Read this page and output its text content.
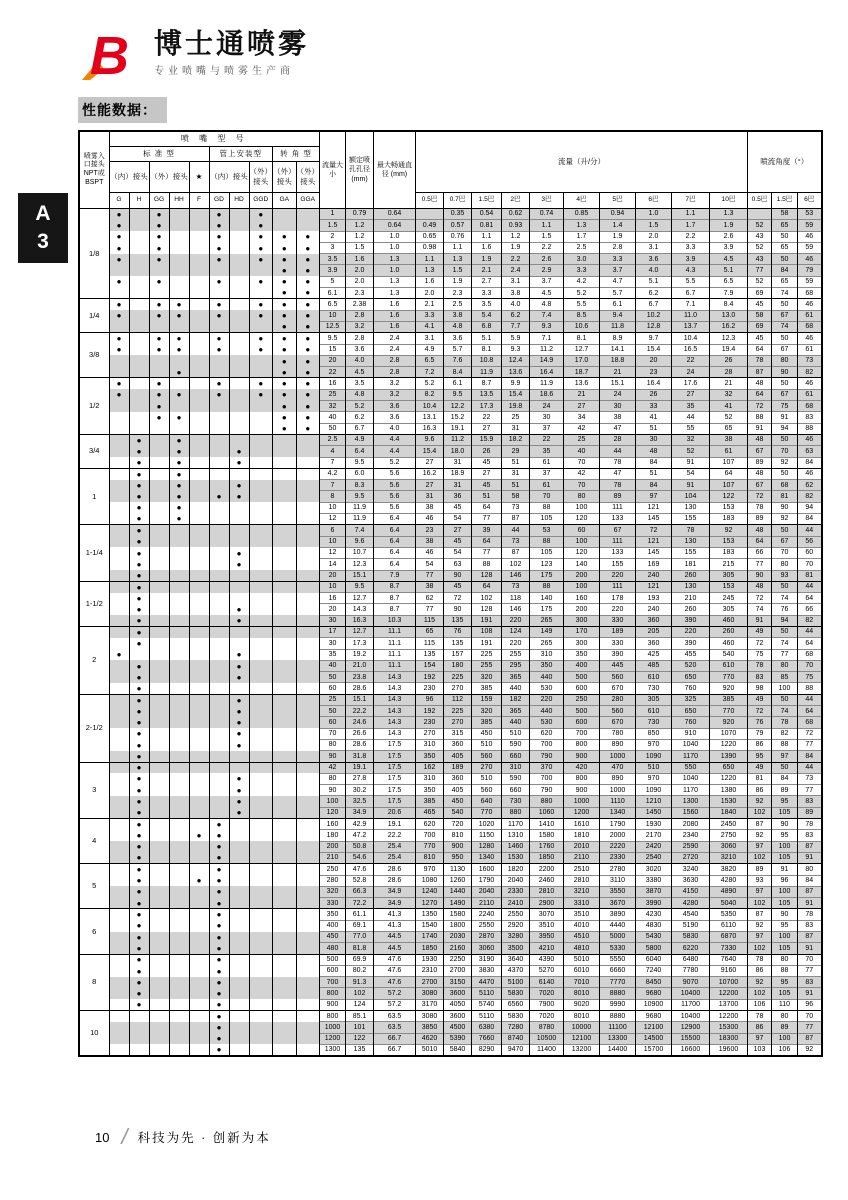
B 博士通喷雾
专业喷嘴与喷雾生产商
性能数据：
A
3
喷雾入口接头NPT或BSPT	喷 嘴 型 号										流量大小	额定喷孔孔径 (mm)	最大畅通直径 (mm)	流量（升/分）										喷流角度（°）		
	标 准 型					管上安装型			转 角 型																	
	（内）接头		（外）接头		★	（内）接头		（外）接头	（外）接头	（外）接头																
	G	H	GG	HH	F	GD	HD	GGD	GA	GGA				0.5巴	0.7巴	1.5巴	2巴	3巴	4巴	5巴	6巴	7巴	10巴	0.5巴	1.5巴	6巴
1/8	●		●			●		●			1	0.79	0.64		0.35	0.54	0.62	0.74	0.85	0.94	1.0	1.1	1.3		58	53
	●		●			●		●			1.5	1.2	0.64	0.49	0.57	0.81	0.93	1.1	1.3	1.4	1.5	1.7	1.9	52	65	59
	●		●			●		●	●	●	2	1.2	1.0	0.65	0.76	1.1	1.2	1.5	1.7	1.9	2.0	2.2	2.6	43	50	46
	●		●			●		●	●	●	3	1.5	1.0	0.98	1.1	1.6	1.9	2.2	2.5	2.8	3.1	3.3	3.9	52	65	59
	●		●			●		●	●	●	3.5	1.6	1.3	1.1	1.3	1.9	2.2	2.6	3.0	3.3	3.6	3.9	4.5	43	50	46
									●	●	3.9	2.0	1.0	1.3	1.5	2.1	2.4	2.9	3.3	3.7	4.0	4.3	5.1	77	84	79
	●		●			●		●	●	●	5	2.0	1.3	1.6	1.9	2.7	3.1	3.7	4.2	4.7	5.1	5.5	6.5	52	65	59
									●	●	6.1	2.3	1.3	2.0	2.3	3.3	3.8	4.5	5.2	5.7	6.2	6.7	7.9	69	74	68
1/4	●		●	●		●		●	●	●	6.5	2.38	1.6	2.1	2.5	3.5	4.0	4.8	5.5	6.1	6.7	7.1	8.4	45	50	46
	●		●	●		●		●	●	●	10	2.8	1.6	3.3	3.8	5.4	6.2	7.4	8.5	9.4	10.2	11.0	13.0	58	67	61
									●	●	12.5	3.2	1.6	4.1	4.8	6.8	7.7	9.3	10.6	11.8	12.8	13.7	16.2	69	74	68
3/8	●		●	●		●		●	●	●	9.5	2.8	2.4	3.1	3.6	5.1	5.9	7.1	8.1	8.9	9.7	10.4	12.3	45	50	46
	●		●	●		●		●	●	●	15	3.6	2.4	4.9	5.7	8.1	9.3	11.2	12.7	14.1	15.4	16.5	19.4	64	67	61
									●	●	20	4.0	2.8	6.5	7.6	10.8	12.4	14.9	17.0	18.8	20	22	26	78	80	73
				●					●	●	22	4.5	2.8	7.2	8.4	11.9	13.6	16.4	18.7	21	23	24	28	87	90	82
1/2	●		●			●		●	●	●	16	3.5	3.2	5.2	6.1	8.7	9.9	11.9	13.6	15.1	16.4	17.6	21	48	50	46
	●		●	●		●		●	●	●	25	4.8	3.2	8.2	9.5	13.5	15.4	18.6	21	24	26	27	32	64	67	61
			●						●	●	32	5.2	3.6	10.4	12.2	17.3	19.8	24	27	30	33	35	41	72	75	68
			●	●					●	●	40	6.2	3.6	13.1	15.2	22	25	30	34	38	41	44	52	88	91	83
									●	●	50	6.7	4.0	16.3	19.1	27	31	37	42	47	51	55	65	91	94	88
3/4		●		●							2.5	4.9	4.4	9.6	11.2	15.9	18.2	22	25	28	30	32	38	48	50	46
		●		●			●				4	6.4	4.4	15.4	18.0	26	29	35	40	44	48	52	61	67	70	63
		●		●			●				7	9.5	5.2	27	31	45	51	61	70	78	84	91	107	89	92	84
1		●		●							4.2	6.0	5.6	16.2	18.9	27	31	37	42	47	51	54	64	48	50	46
		●		●			●				7	8.3	5.6	27	31	45	51	61	70	78	84	91	107	67	68	62
		●		●		●	●				8	9.5	5.6	31	36	51	58	70	80	89	97	104	122	72	81	82
		●		●							10	11.9	5.6	38	45	64	73	88	100	111	121	130	153	78	90	94
		●		●							12	11.9	6.4	46	54	77	87	105	120	133	145	155	183	89	92	84
1-1/4		●									6	7.4	6.4	23	27	39	44	53	60	67	72	78	92	48	50	44
		●									10	9.6	6.4	38	45	64	73	88	100	111	121	130	153	64	67	56
		●					●				12	10.7	6.4	46	54	77	87	105	120	133	145	155	183	66	70	60
		●					●				14	12.3	6.4	54	63	88	102	123	140	155	169	181	215	77	80	70
		●									20	15.1	7.9	77	90	128	146	175	200	220	240	260	305	90	93	81
1-1/2		●									10	9.5	8.7	38	45	64	73	88	100	111	121	130	153	48	50	44
		●									16	12.7	8.7	62	72	102	118	140	160	178	193	210	245	72	74	64
		●					●				20	14.3	8.7	77	90	128	146	175	200	220	240	260	305	74	76	66
		●					●				30	16.3	10.3	115	135	191	220	265	300	330	360	390	460	91	94	82
2		●									17	12.7	11.1	65	76	108	124	149	170	189	205	220	260	49	50	44
		●									30	17.3	11.1	115	135	191	220	265	300	330	360	390	460	72	74	64
	●						●				35	19.2	11.1	135	157	225	255	310	350	390	425	455	540	75	77	68
		●					●				40	21.0	11.1	154	180	255	295	350	400	445	485	520	610	78	80	70
		●					●				50	23.8	14.3	192	225	320	365	440	500	560	610	650	770	83	85	75
		●									60	28.6	14.3	230	270	385	440	530	600	670	730	760	920	98	100	88
2-1/2		●					●				25	15.1	14.3	96	112	159	182	220	250	280	305	325	385	49	50	44
		●					●				50	22.2	14.3	192	225	320	365	440	500	560	610	650	770	72	74	64
		●					●				60	24.6	14.3	230	270	385	440	530	600	670	730	760	920	76	78	68
		●					●				70	26.6	14.3	270	315	450	510	620	700	780	850	910	1070	79	82	72
		●					●				80	28.6	17.5	310	360	510	590	700	800	890	970	1040	1220	86	88	77
		●									90	31.8	17.5	350	405	560	660	790	900	1000	1090	1170	1390	95	97	84
3		●									42	19.1	17.5	162	189	270	310	370	420	470	510	550	650	49	50	44
		●					●				80	27.8	17.5	310	360	510	590	700	800	890	970	1040	1220	81	84	73
		●					●				90	30.2	17.5	350	405	560	660	790	900	1000	1090	1170	1380	86	89	77
		●					●				100	32.5	17.5	385	450	640	730	880	1000	1110	1210	1300	1530	92	95	83
		●					●				120	34.9	20.6	465	540	770	880	1060	1200	1340	1450	1560	1840	102	105	89
4		●				●					160	42.9	19.1	620	720	1020	1170	1410	1610	1790	1930	2080	2450	87	90	78
		●			●	●					180	47.2	22.2	700	810	1150	1310	1580	1810	2000	2170	2340	2750	92	95	83
		●				●					200	50.8	25.4	770	900	1280	1460	1760	2010	2220	2420	2590	3060	97	100	87
		●				●					210	54.6	25.4	810	950	1340	1530	1850	2110	2330	2540	2720	3210	102	105	91
5		●				●					250	47.6	28.6	970	1130	1600	1820	2200	2510	2780	3020	3240	3820	89	91	80
		●			●	●					280	52.8	28.6	1080	1260	1790	2040	2460	2810	3110	3380	3630	4280	93	96	84
		●				●					320	66.3	34.9	1240	1440	2040	2330	2810	3210	3550	3870	4150	4890	97	100	87
		●				●					330	72.2	34.9	1270	1490	2110	2410	2900	3310	3670	3990	4280	5040	102	105	91
6		●				●					350	61.1	41.3	1350	1580	2240	2550	3070	3510	3890	4230	4540	5350	87	90	78
		●				●					400	69.1	41.3	1540	1800	2550	2920	3510	4010	4440	4830	5190	6110	92	95	83
		●				●					450	77.0	44.5	1740	2030	2870	3280	3950	4510	5000	5430	5830	6870	97	100	87
		●				●					480	81.8	44.5	1850	2160	3060	3500	4210	4810	5330	5800	6220	7330	102	105	91
8		●				●					500	69.9	47.6	1930	2250	3190	3640	4390	5010	5550	6040	6480	7640	78	80	70
		●				●					600	80.2	47.6	2310	2700	3830	4370	5270	6010	6660	7240	7780	9160	86	88	77
		●				●					700	91.3	47.6	2700	3150	4470	5100	6140	7010	7770	8450	9070	10700	92	95	83
		●				●					800	102	57.2	3080	3600	5110	5830	7020	8010	8880	9680	10400	12200	102	105	91
		●				●					900	124	57.2	3170	4050	5740	6560	7900	9020	9990	10900	11700	13700	106	110	96
10						●					800	85.1	63.5	3080	3600	5110	5830	7020	8010	8880	9680	10400	12200	78	80	70
						●					1000	101	63.5	3850	4500	6380	7280	8780	10000	11100	12100	12900	15300	86	89	77
						●					1200	122	66.7	4620	5390	7660	8740	10500	12100	13300	14500	15500	18300	97	100	87
						●					1300	135	66.7	5010	5840	8290	9470	11400	13200	14400	15700	16600	19600	103	106	92
10 / 科技为先 · 创新为本
